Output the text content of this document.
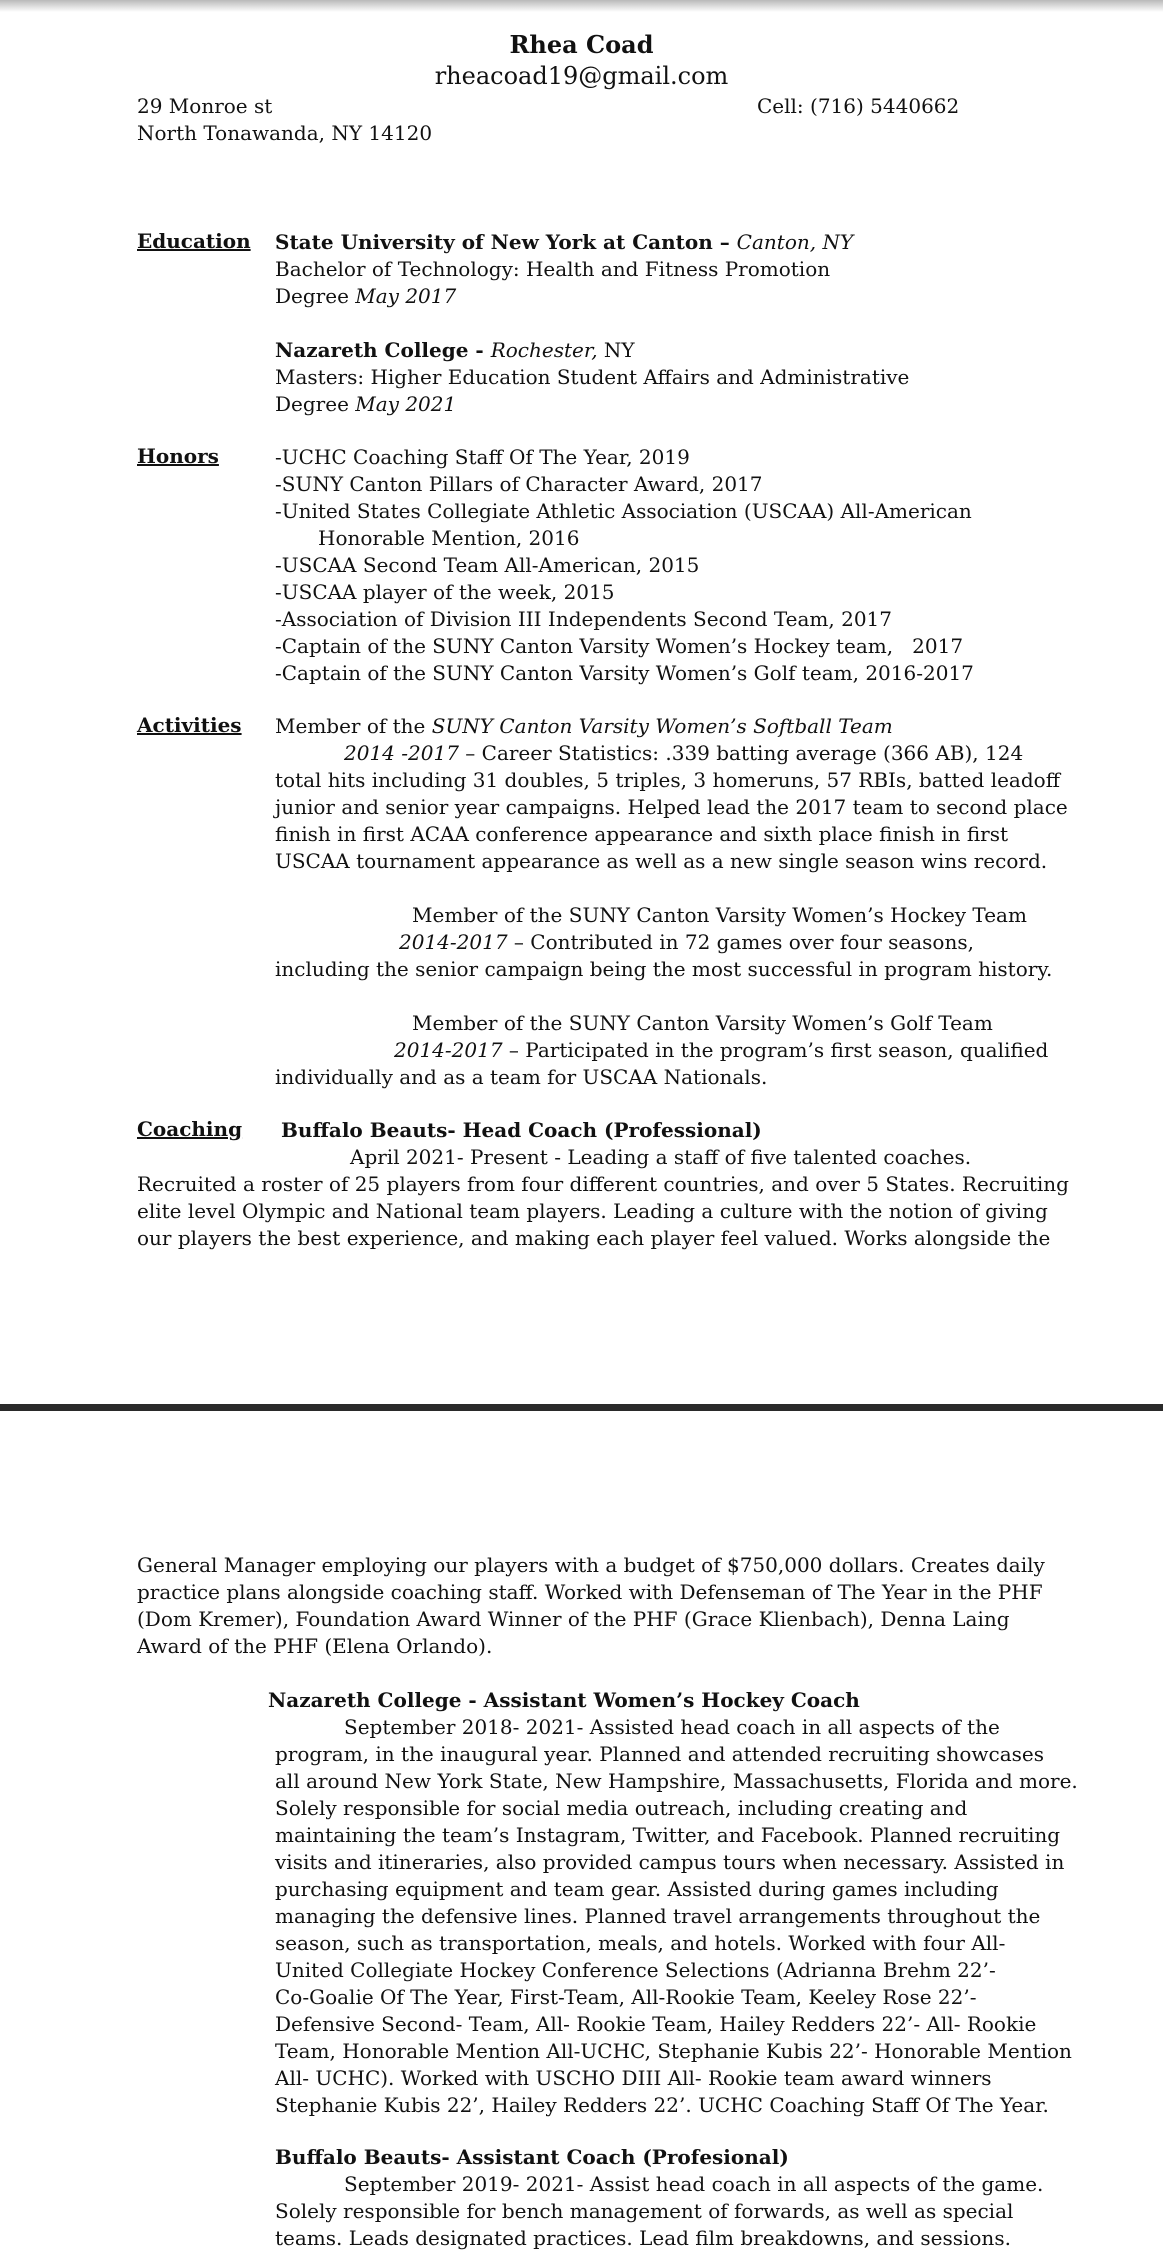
Rhea Coad
rheacoad19@gmail.com
29 Monroe st
North Tonawanda, NY 14120
Cell: (716) 5440662
Education State University of New York at Canton – Canton, NY
Bachelor of Technology: Health and Fitness Promotion
Degree May 2017
Nazareth College - Rochester, NY
Masters: Higher Education Student Affairs and Administrative
Degree May 2021
Honors	-UCHC Coaching Staff Of The Year, 2019
-SUNY Canton Pillars of Character Award, 2017
-United States Collegiate Athletic Association (USCAA) All-American
Honorable Mention, 2016
-USCAA Second Team All-American, 2015
-USCAA player of the week, 2015
-Association of Division III Independents Second Team, 2017
-Captain of the SUNY Canton Varsity Women’s Hockey team,   2017
-Captain of the SUNY Canton Varsity Women’s Golf team, 2016-2017
Activities Member of the SUNY Canton Varsity Women’s Softball Team
2014 -2017 – Career Statistics: .339 batting average (366 AB), 124
total hits including 31 doubles, 5 triples, 3 homeruns, 57 RBIs, batted leadoff
junior and senior year campaigns. Helped lead the 2017 team to second place
finish in first ACAA conference appearance and sixth place finish in first
USCAA tournament appearance as well as a new single season wins record.
Member of the SUNY Canton Varsity Women’s Hockey Team
2014-2017 – Contributed in 72 games over four seasons,
including the senior campaign being the most successful in program history.
Member of the SUNY Canton Varsity Women’s Golf Team
2014-2017 – Participated in the program’s first season, qualified
individually and as a team for USCAA Nationals.
Coaching Buffalo Beauts- Head Coach (Professional)
April 2021- Present - Leading a staff of five talented coaches.
Recruited a roster of 25 players from four different countries, and over 5 States. Recruiting
elite level Olympic and National team players. Leading a culture with the notion of giving
our players the best experience, and making each player feel valued. Works alongside the
General Manager employing our players with a budget of $750,000 dollars. Creates daily
practice plans alongside coaching staff. Worked with Defenseman of The Year in the PHF
(Dom Kremer), Foundation Award Winner of the PHF (Grace Klienbach), Denna Laing
Award of the PHF (Elena Orlando).
Nazareth College - Assistant Women’s Hockey Coach
September 2018- 2021- Assisted head coach in all aspects of the
program, in the inaugural year. Planned and attended recruiting showcases
all around New York State, New Hampshire, Massachusetts, Florida and more.
Solely responsible for social media outreach, including creating and
maintaining the team’s Instagram, Twitter, and Facebook. Planned recruiting
visits and itineraries, also provided campus tours when necessary. Assisted in
purchasing equipment and team gear. Assisted during games including
managing the defensive lines. Planned travel arrangements throughout the
season, such as transportation, meals, and hotels. Worked with four All-
United Collegiate Hockey Conference Selections (Adrianna Brehm 22’-
Co-Goalie Of The Year, First-Team, All-Rookie Team, Keeley Rose 22’-
Defensive Second- Team, All- Rookie Team, Hailey Redders 22’- All- Rookie
Team, Honorable Mention All-UCHC, Stephanie Kubis 22’- Honorable Mention
All- UCHC). Worked with USCHO DIII All- Rookie team award winners
Stephanie Kubis 22’, Hailey Redders 22’. UCHC Coaching Staff Of The Year.
Buffalo Beauts- Assistant Coach (Profesional)
September 2019- 2021- Assist head coach in all aspects of the game.
Solely responsible for bench management of forwards, as well as special
teams. Leads designated practices. Lead film breakdowns, and sessions.
